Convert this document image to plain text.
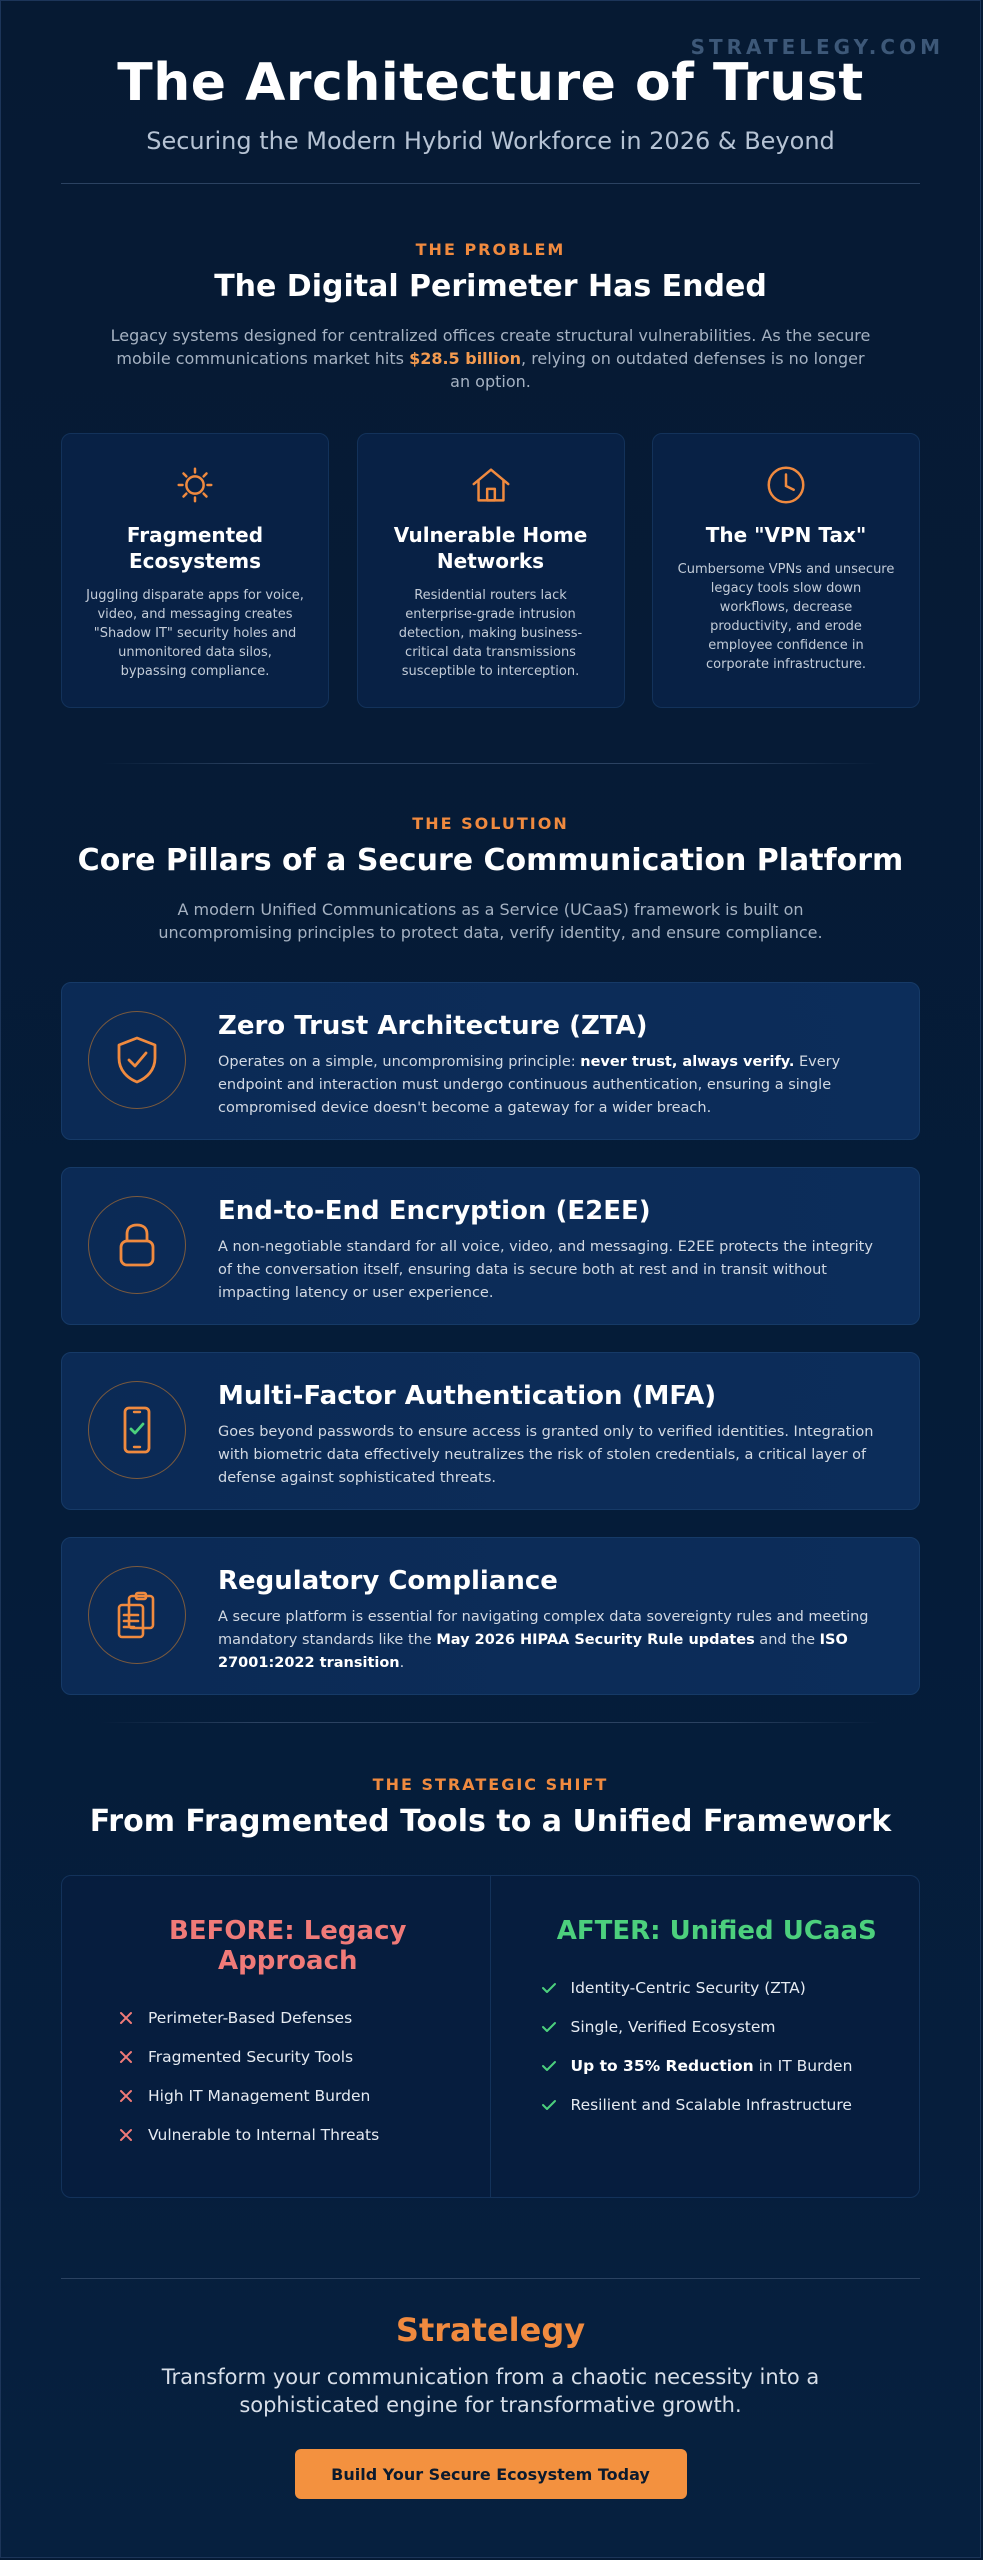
STRATELEGY.COM
The Architecture of Trust
Securing the Modern Hybrid Workforce in 2026 & Beyond
THE PROBLEM
The Digital Perimeter Has Ended

Legacy systems designed for centralized offices create structural vulnerabilities. As the secure mobile communications market hits $28.5 billion, relying on outdated defenses is no longer an option.

Fragmented Ecosystems

Juggling disparate apps for voice, video, and messaging creates "Shadow IT" security holes and unmonitored data silos, bypassing compliance.

Vulnerable Home Networks

Residential routers lack enterprise-grade intrusion detection, making business-critical data transmissions susceptible to interception.

The "VPN Tax"

Cumbersome VPNs and unsecure legacy tools slow down workflows, decrease productivity, and erode employee confidence in corporate infrastructure.

THE SOLUTION
Core Pillars of a Secure Communication Platform

A modern Unified Communications as a Service (UCaaS) framework is built on uncompromising principles to protect data, verify identity, and ensure compliance.

Zero Trust Architecture (ZTA)

Operates on a simple, uncompromising principle: never trust, always verify. Every endpoint and interaction must undergo continuous authentication, ensuring a single compromised device doesn't become a gateway for a wider breach.

End-to-End Encryption (E2EE)

A non-negotiable standard for all voice, video, and messaging. E2EE protects the integrity of the conversation itself, ensuring data is secure both at rest and in transit without impacting latency or user experience.

Multi-Factor Authentication (MFA)

Goes beyond passwords to ensure access is granted only to verified identities. Integration with biometric data effectively neutralizes the risk of stolen credentials, a critical layer of defense against sophisticated threats.

Regulatory Compliance

A secure platform is essential for navigating complex data sovereignty rules and meeting mandatory standards like the May 2026 HIPAA Security Rule updates and the ISO 27001:2022 transition.

THE STRATEGIC SHIFT
From Fragmented Tools to a Unified Framework
BEFORE: Legacy Approach
Perimeter-Based Defenses
Fragmented Security Tools
High IT Management Burden
Vulnerable to Internal Threats
AFTER: Unified UCaaS
Identity-Centric Security (ZTA)
Single, Verified Ecosystem
Up to 35% Reduction in IT Burden
Resilient and Scalable Infrastructure
Stratelegy
Transform your communication from a chaotic necessity into a sophisticated engine for transformative growth.
Build Your Secure Ecosystem Today
